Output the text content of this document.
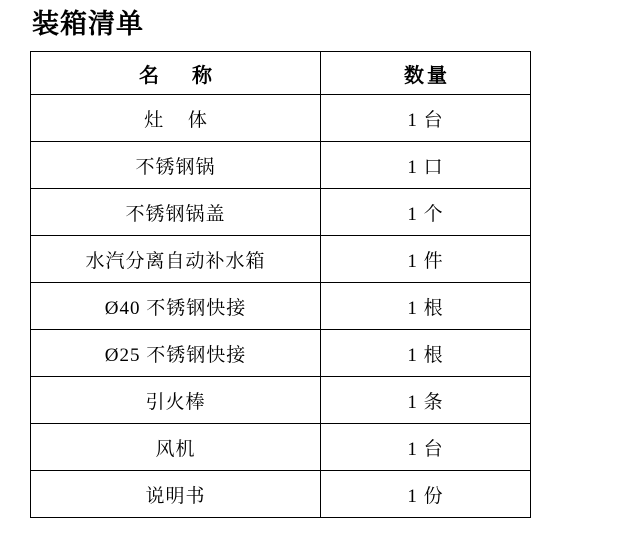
装箱清单
名 称	数量
灶 体	1 台
不锈钢锅	1 口
不锈钢锅盖	1 个
水汽分离自动补水箱	1 件
Ø40 不锈钢快接	1 根
Ø25 不锈钢快接	1 根
引火棒	1 条
风机	1 台
说明书	1 份
